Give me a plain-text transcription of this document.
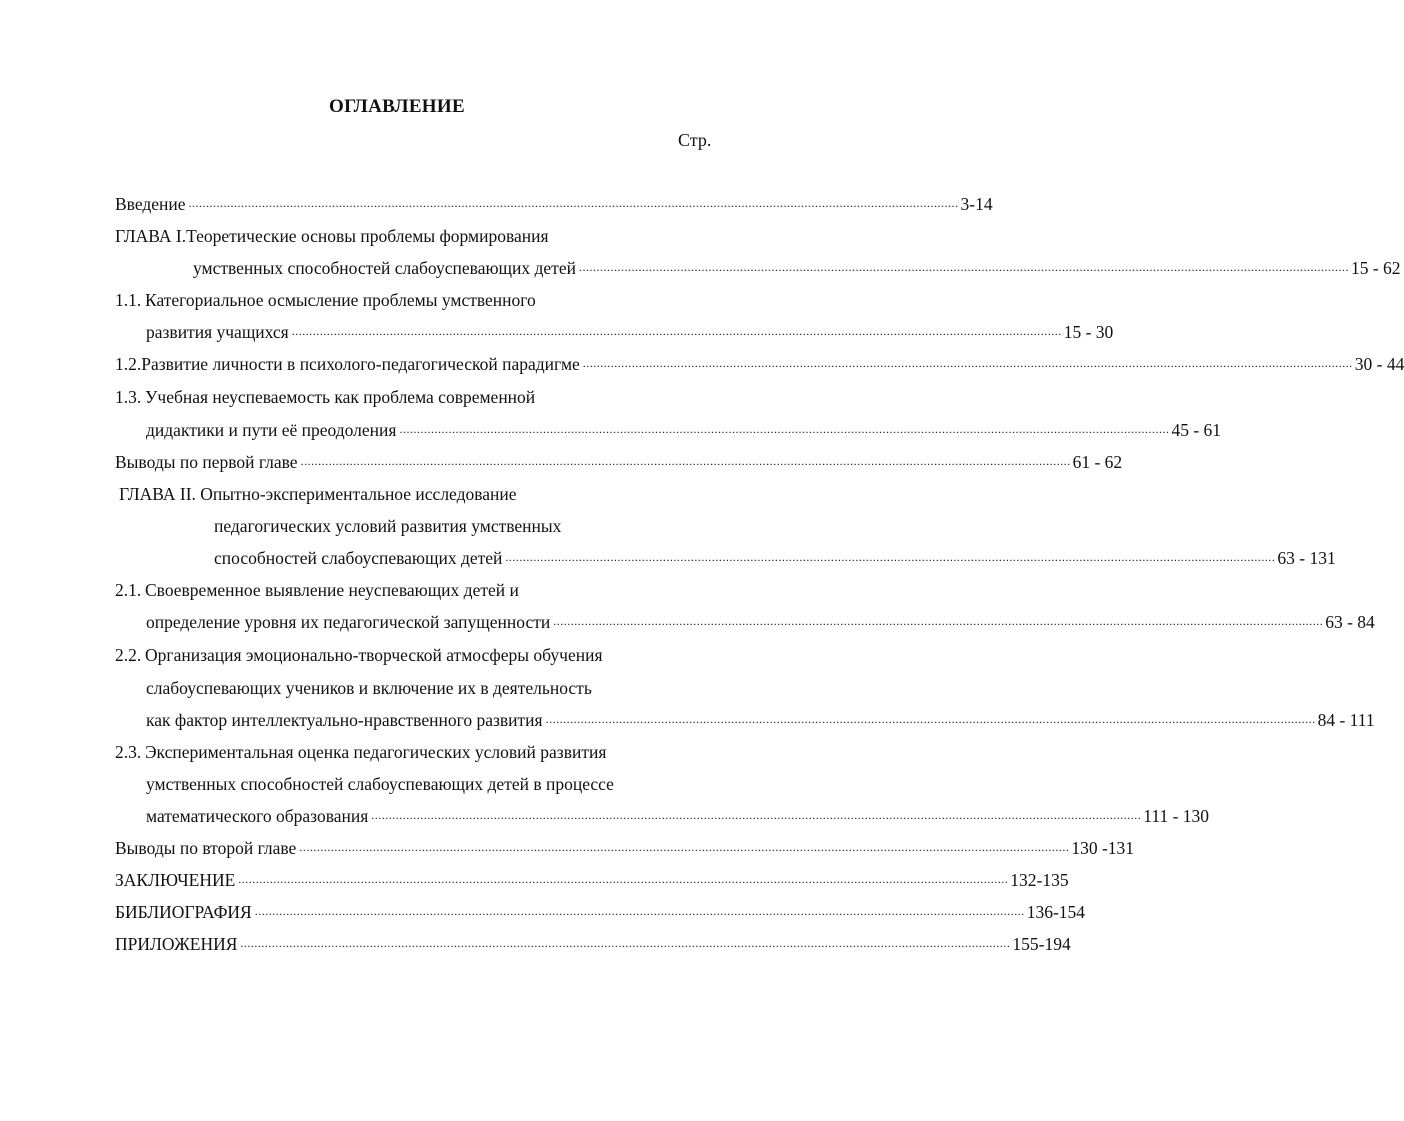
ОГЛАВЛЕНИЕ
Стр.
Введение ............................................................................................................................................................................................................................ 3-14
ГЛАВА I.Теоретические основы проблемы формирования
умственных способностей слабоуспевающих детей ............................................................................................................................................................................................................................ 15 - 62
1.1. Категориальное осмысление проблемы умственного
развития учащихся ............................................................................................................................................................................................................................ 15 - 30
1.2. Развитие личности в психолого-педагогической парадигме ............................................................................................................................................................................................................................ 30 - 44
1.3. Учебная неуспеваемость как проблема современной
дидактики и пути её преодоления ............................................................................................................................................................................................................................ 45 - 61
Выводы по первой главе ............................................................................................................................................................................................................................ 61 - 62
ГЛАВА II. Опытно-экспериментальное исследование
педагогических условий развития умственных
способностей слабоуспевающих детей ............................................................................................................................................................................................................................ 63 - 131
2.1. Своевременное выявление неуспевающих детей и
определение уровня их педагогической запущенности ............................................................................................................................................................................................................................ 63 - 84
2.2. Организация эмоционально-творческой атмосферы обучения
слабоуспевающих учеников и включение их в деятельность
как фактор интеллектуально-нравственного развития ............................................................................................................................................................................................................................ 84 - 111
2.3. Экспериментальная оценка педагогических условий развития
умственных способностей слабоуспевающих детей в процессе
математического образования ............................................................................................................................................................................................................................ 111 - 130
Выводы по второй главе ............................................................................................................................................................................................................................ 130 -131
ЗАКЛЮЧЕНИЕ ............................................................................................................................................................................................................................ 132-135
БИБЛИОГРАФИЯ ............................................................................................................................................................................................................................ 136-154
ПРИЛОЖЕНИЯ ............................................................................................................................................................................................................................ 155-194
